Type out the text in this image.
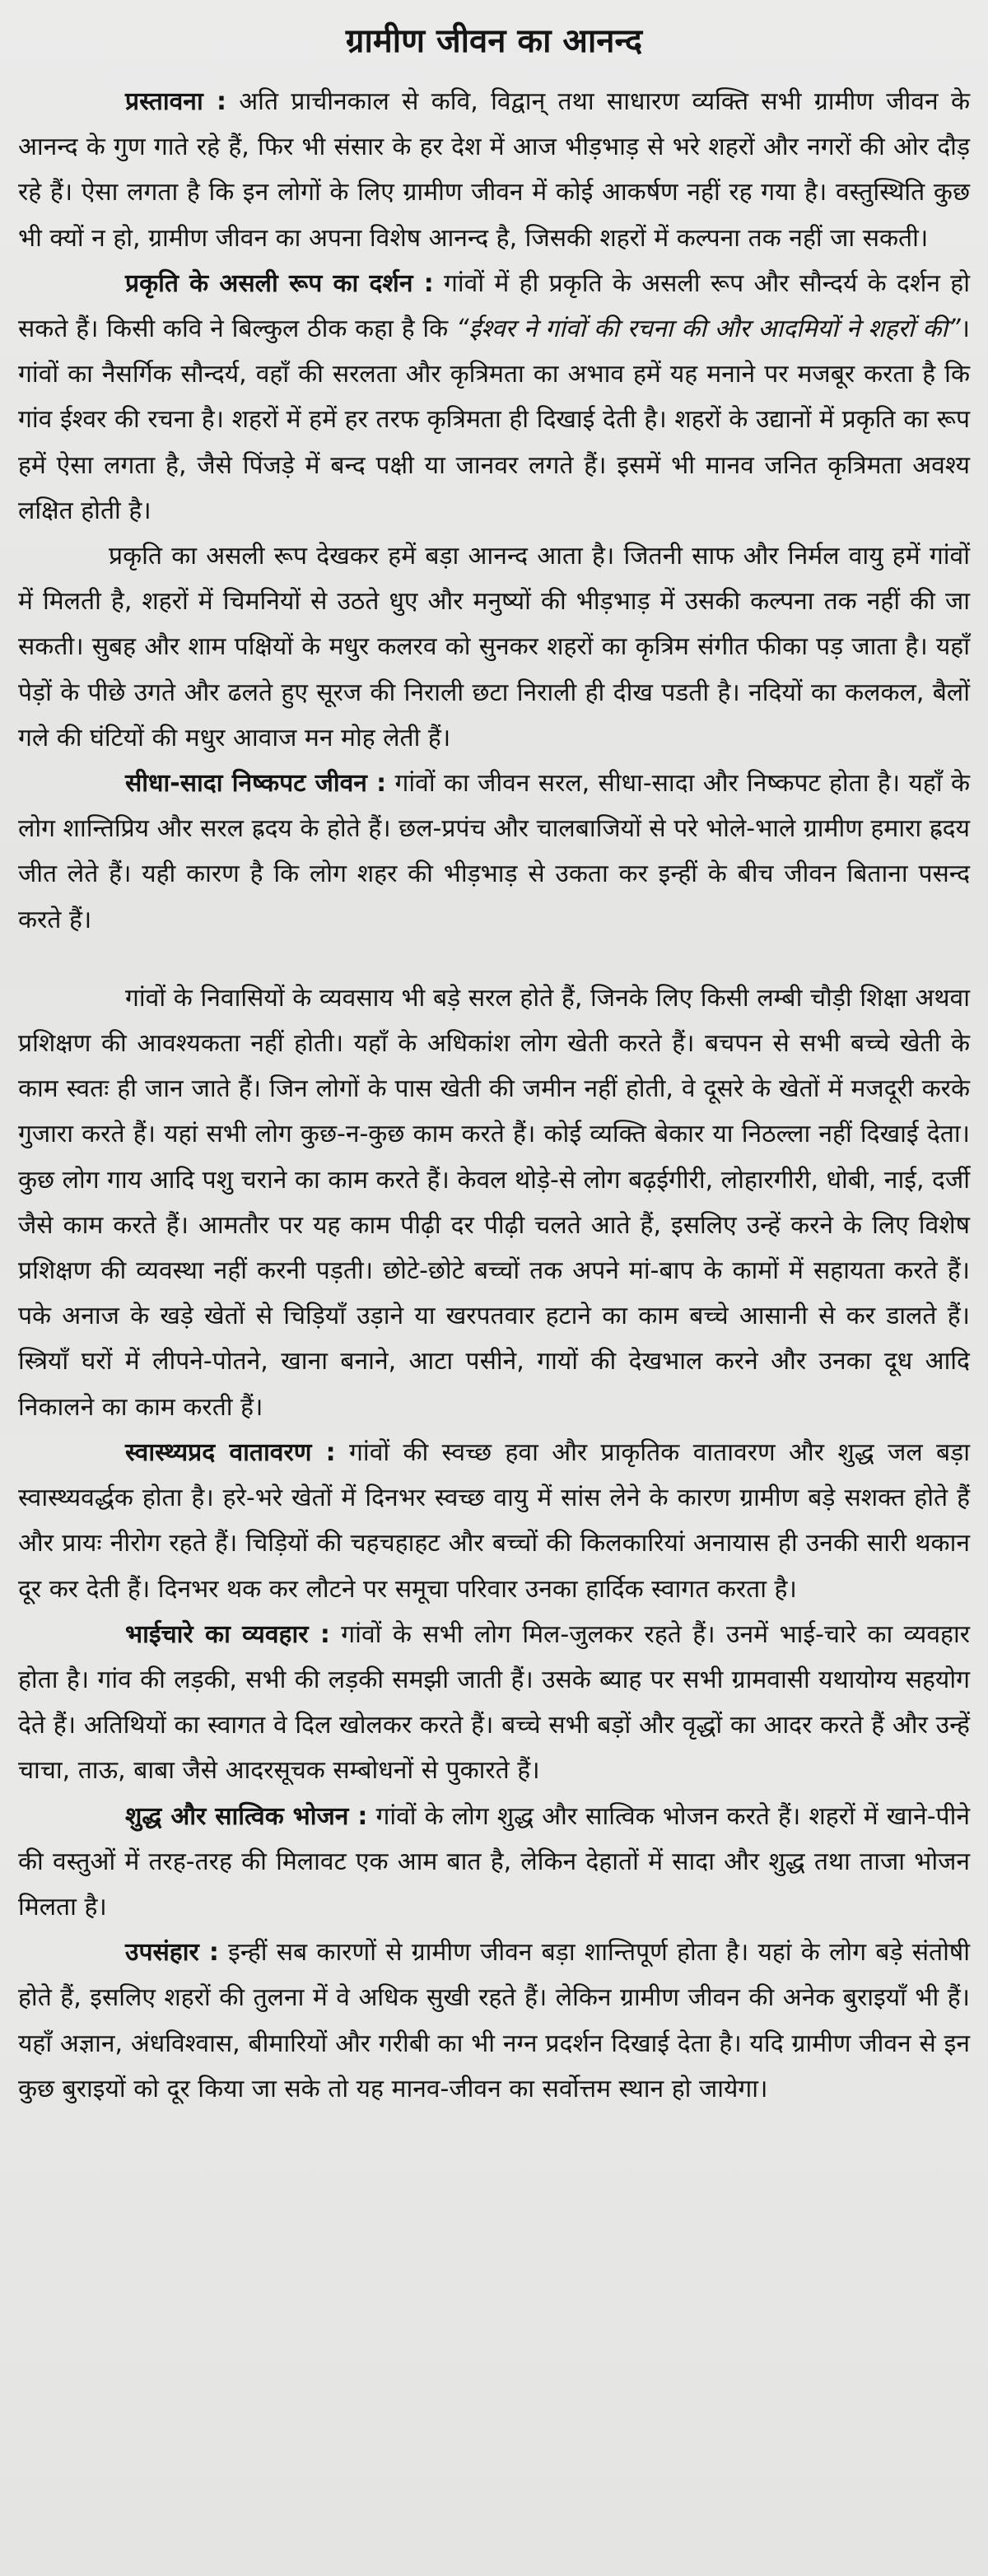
ग्रामीण जीवन का आनन्द

प्रस्तावना : अति प्राचीनकाल से कवि, विद्वान् तथा साधारण व्यक्ति सभी ग्रामीण जीवन के आनन्द के गुण गाते रहे हैं, फिर भी संसार के हर देश में आज भीड़भाड़ से भरे शहरों और नगरों की ओर दौड़ रहे हैं। ऐसा लगता है कि इन लोगों के लिए ग्रामीण जीवन में कोई आकर्षण नहीं रह गया है। वस्तुस्थिति कुछ भी क्यों न हो, ग्रामीण जीवन का अपना विशेष आनन्द है, जिसकी शहरों में कल्पना तक नहीं जा सकती।

प्रकृति के असली रूप का दर्शन : गांवों में ही प्रकृति के असली रूप और सौन्दर्य के दर्शन हो सकते हैं। किसी कवि ने बिल्कुल ठीक कहा है कि “ईश्वर ने गांवों की रचना की और आदमियों ने शहरों की”। गांवों का नैसर्गिक सौन्दर्य, वहाँ की सरलता और कृत्रिमता का अभाव हमें यह मनाने पर मजबूर करता है कि गांव ईश्वर की रचना है। शहरों में हमें हर तरफ कृत्रिमता ही दिखाई देती है। शहरों के उद्यानों में प्रकृति का रूप हमें ऐसा लगता है, जैसे पिंजड़े में बन्द पक्षी या जानवर लगते हैं। इसमें भी मानव जनित कृत्रिमता अवश्य लक्षित होती है।

प्रकृति का असली रूप देखकर हमें बड़ा आनन्द आता है। जितनी साफ और निर्मल वायु हमें गांवों में मिलती है, शहरों में चिमनियों से उठते धुए और मनुष्यों की भीड़भाड़ में उसकी कल्पना तक नहीं की जा सकती। सुबह और शाम पक्षियों के मधुर कलरव को सुनकर शहरों का कृत्रिम संगीत फीका पड़ जाता है। यहाँ पेड़ों के पीछे उगते और ढलते हुए सूरज की निराली छटा निराली ही दीख पडती है। नदियों का कलकल, बैलों गले की घंटियों की मधुर आवाज मन मोह लेती हैं।

सीधा-सादा निष्कपट जीवन : गांवों का जीवन सरल, सीधा-सादा और निष्कपट होता है। यहाँ के लोग शान्तिप्रिय और सरल ह्रदय के होते हैं। छल-प्रपंच और चालबाजियों से परे भोले-भाले ग्रामीण हमारा ह्रदय जीत लेते हैं। यही कारण है कि लोग शहर की भीड़भाड़ से उकता कर इन्हीं के बीच जीवन बिताना पसन्द करते हैं।

गांवों के निवासियों के व्यवसाय भी बड़े सरल होते हैं, जिनके लिए किसी लम्बी चौड़ी शिक्षा अथवा प्रशिक्षण की आवश्यकता नहीं होती। यहाँ के अधिकांश लोग खेती करते हैं। बचपन से सभी बच्चे खेती के काम स्वतः ही जान जाते हैं। जिन लोगों के पास खेती की जमीन नहीं होती, वे दूसरे के खेतों में मजदूरी करके गुजारा करते हैं। यहां सभी लोग कुछ-न-कुछ काम करते हैं। कोई व्यक्ति बेकार या निठल्ला नहीं दिखाई देता। कुछ लोग गाय आदि पशु चराने का काम करते हैं। केवल थोड़े-से लोग बढ़ईगीरी, लोहारगीरी, धोबी, नाई, दर्जी जैसे काम करते हैं। आमतौर पर यह काम पीढ़ी दर पीढ़ी चलते आते हैं, इसलिए उन्हें करने के लिए विशेष प्रशिक्षण की व्यवस्था नहीं करनी पड़ती। छोटे-छोटे बच्चों तक अपने मां-बाप के कामों में सहायता करते हैं। पके अनाज के खड़े खेतों से चिड़ियाँ उड़ाने या खरपतवार हटाने का काम बच्चे आसानी से कर डालते हैं। स्त्रियाँ घरों में लीपने-पोतने, खाना बनाने, आटा पसीने, गायों की देखभाल करने और उनका दूध आदि निकालने का काम करती हैं।

स्वास्थ्यप्रद वातावरण : गांवों की स्वच्छ हवा और प्राकृतिक वातावरण और शुद्ध जल बड़ा स्वास्थ्यवर्द्धक होता है। हरे-भरे खेतों में दिनभर स्वच्छ वायु में सांस लेने के कारण ग्रामीण बड़े सशक्त होते हैं और प्रायः नीरोग रहते हैं। चिड़ियों की चहचहाहट और बच्चों की किलकारियां अनायास ही उनकी सारी थकान दूर कर देती हैं। दिनभर थक कर लौटने पर समूचा परिवार उनका हार्दिक स्वागत करता है।

भाईचारे का व्यवहार : गांवों के सभी लोग मिल-जुलकर रहते हैं। उनमें भाई-चारे का व्यवहार होता है। गांव की लड़की, सभी की लड़की समझी जाती हैं। उसके ब्याह पर सभी ग्रामवासी यथायोग्य सहयोग देते हैं। अतिथियों का स्वागत वे दिल खोलकर करते हैं। बच्चे सभी बड़ों और वृद्धों का आदर करते हैं और उन्हें चाचा, ताऊ, बाबा जैसे आदरसूचक सम्बोधनों से पुकारते हैं।

शुद्ध और सात्विक भोजन : गांवों के लोग शुद्ध और सात्विक भोजन करते हैं। शहरों में खाने-पीने की वस्तुओं में तरह-तरह की मिलावट एक आम बात है, लेकिन देहातों में सादा और शुद्ध तथा ताजा भोजन मिलता है।

उपसंहार : इन्हीं सब कारणों से ग्रामीण जीवन बड़ा शान्तिपूर्ण होता है। यहां के लोग बड़े संतोषी होते हैं, इसलिए शहरों की तुलना में वे अधिक सुखी रहते हैं। लेकिन ग्रामीण जीवन की अनेक बुराइयाँ भी हैं। यहाँ अज्ञान, अंधविश्वास, बीमारियों और गरीबी का भी नग्न प्रदर्शन दिखाई देता है। यदि ग्रामीण जीवन से इन कुछ बुराइयों को दूर किया जा सके तो यह मानव-जीवन का सर्वोत्तम स्थान हो जायेगा।
